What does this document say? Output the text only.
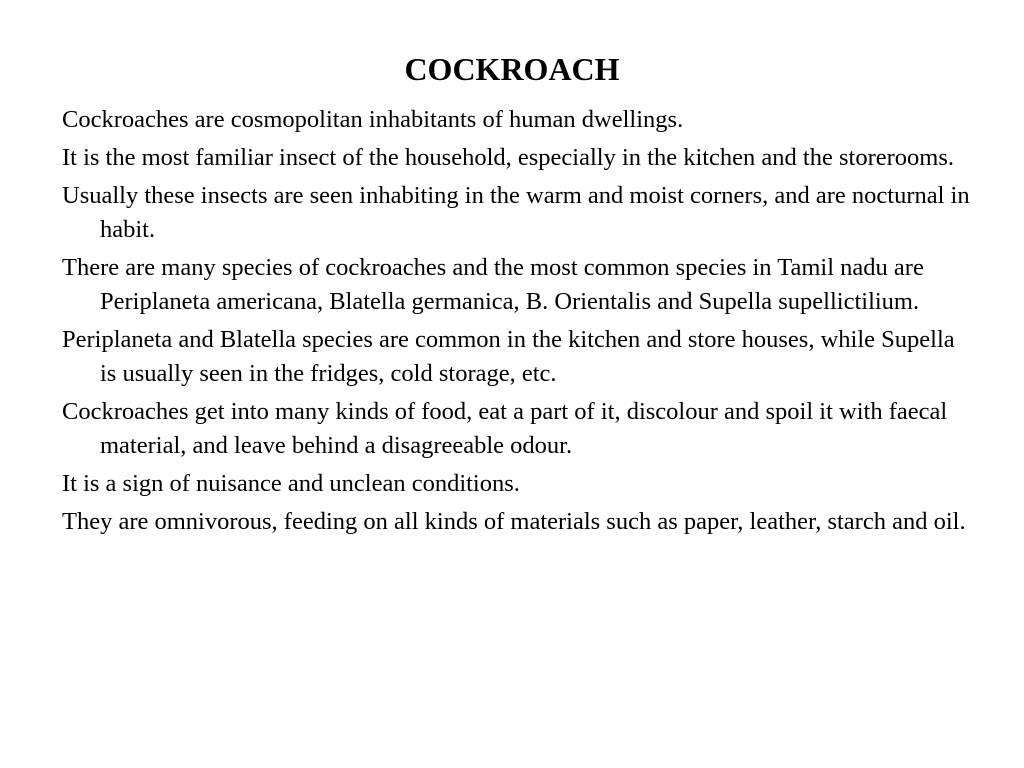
COCKROACH
Cockroaches are cosmopolitan inhabitants of human dwellings.
It is the most familiar insect of the household, especially in the kitchen and the storerooms.
Usually these insects are seen inhabiting in the warm and moist corners, and are nocturnal in habit.
There are many species of cockroaches and the most common species in Tamil nadu are Periplaneta americana, Blatella germanica, B. Orientalis and Supella supellictilium.
Periplaneta and Blatella species are common in the kitchen and store houses, while Supella is usually seen in the fridges, cold storage, etc.
Cockroaches get into many kinds of food, eat a part of it, discolour and spoil it with faecal material, and leave behind a disagreeable odour.
It is a sign of nuisance and unclean conditions.
They are omnivorous, feeding on all kinds of materials such as paper, leather, starch and oil.
